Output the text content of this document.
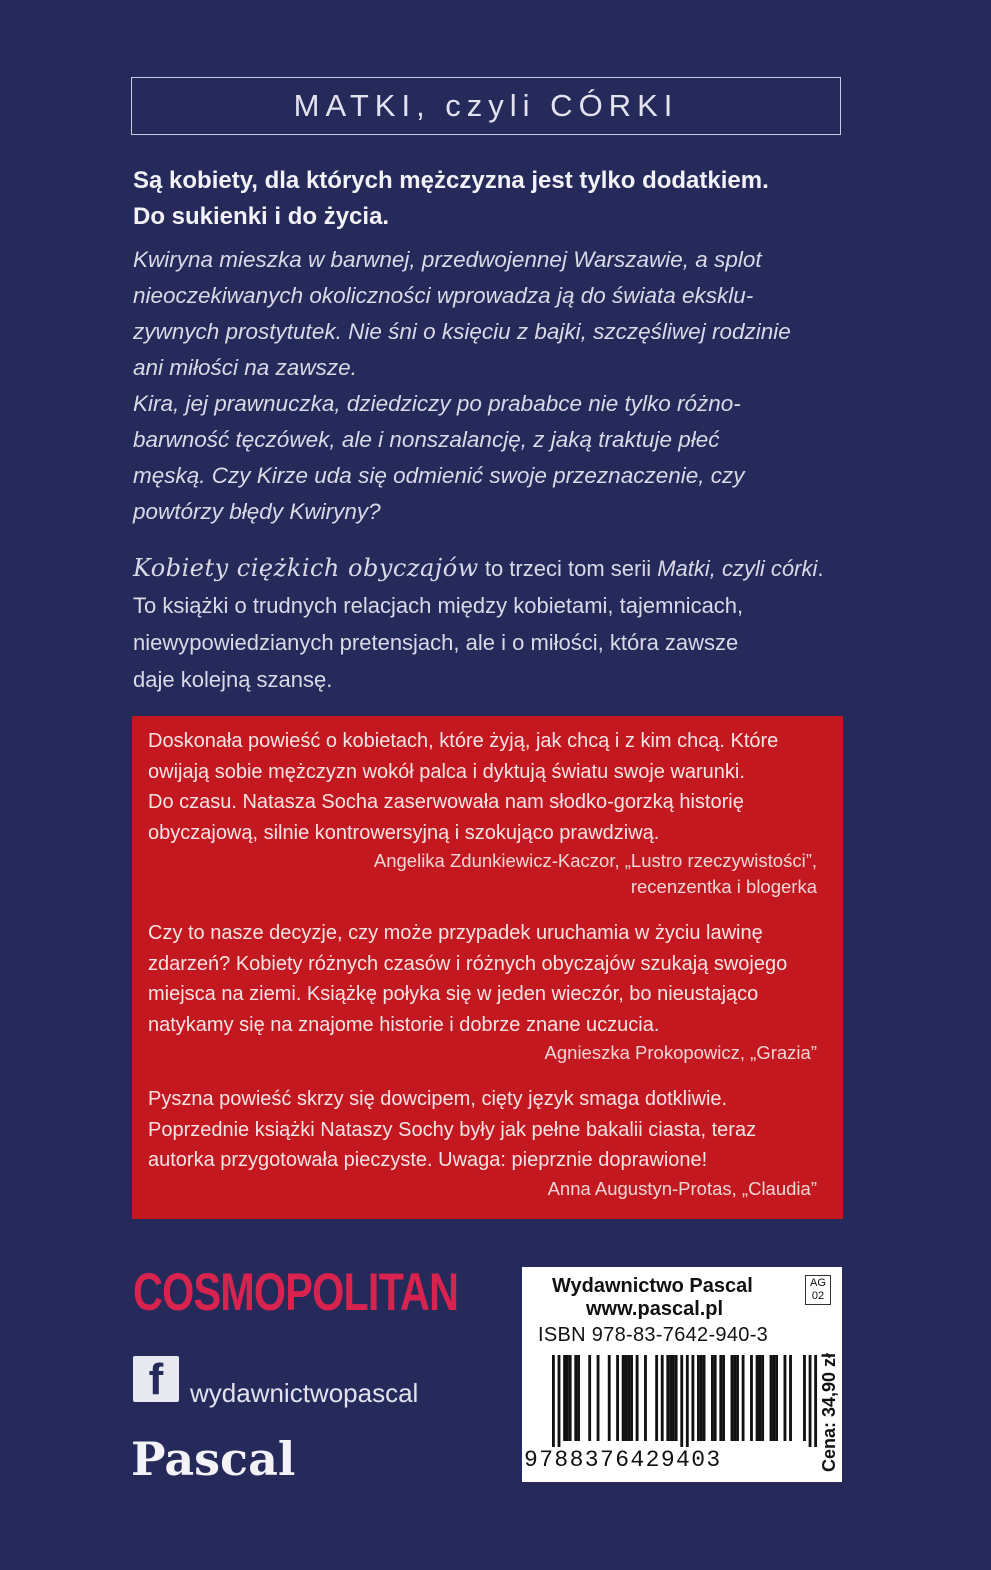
MATKI, czyli CÓRKI
Są kobiety, dla których mężczyzna jest tylko dodatkiem.
Do sukienki i do życia.
Kwiryna mieszka w barwnej, przedwojennej Warszawie, a splot
nieoczekiwanych okoliczności wprowadza ją do świata eksklu-
zywnych prostytutek. Nie śni o księciu z bajki, szczęśliwej rodzinie
ani miłości na zawsze.
Kira, jej prawnuczka, dziedziczy po prababce nie tylko różno-
barwność tęczówek, ale i nonszalancję, z jaką traktuje płeć
męską. Czy Kirze uda się odmienić swoje przeznaczenie, czy
powtórzy błędy Kwiryny?
Kobiety ciężkich obyczajów to trzeci tom serii Matki, czyli córki.
To książki o trudnych relacjach między kobietami, tajemnicach,
niewypowiedzianych pretensjach, ale i o miłości, która zawsze
daje kolejną szansę.
Doskonała powieść o kobietach, które żyją, jak chcą i z kim chcą. Które
owijają sobie mężczyzn wokół palca i dyktują światu swoje warunki.
Do czasu. Natasza Socha zaserwowała nam słodko-gorzką historię
obyczajową, silnie kontrowersyjną i szokująco prawdziwą.
Angelika Zdunkiewicz-Kaczor, „Lustro rzeczywistości”,
recenzentka i blogerka
Czy to nasze decyzje, czy może przypadek uruchamia w życiu lawinę
zdarzeń? Kobiety różnych czasów i różnych obyczajów szukają swojego
miejsca na ziemi. Książkę połyka się w jeden wieczór, bo nieustająco
natykamy się na znajome historie i dobrze znane uczucia.
Agnieszka Prokopowicz, „Grazia”
Pyszna powieść skrzy się dowcipem, cięty język smaga dotkliwie.
Poprzednie książki Nataszy Sochy były jak pełne bakalii ciasta, teraz
autorka przygotowała pieczyste. Uwaga: pieprznie doprawione!
Anna Augustyn-Protas, „Claudia”
COSMOPOLITAN
f wydawnictwopascal
Pascal
Wydawnictwo Pascal
www.pascal.pl
AG
02
ISBN 978-83-7642-940-3
9788376429403	Cena: 34,90 zł
